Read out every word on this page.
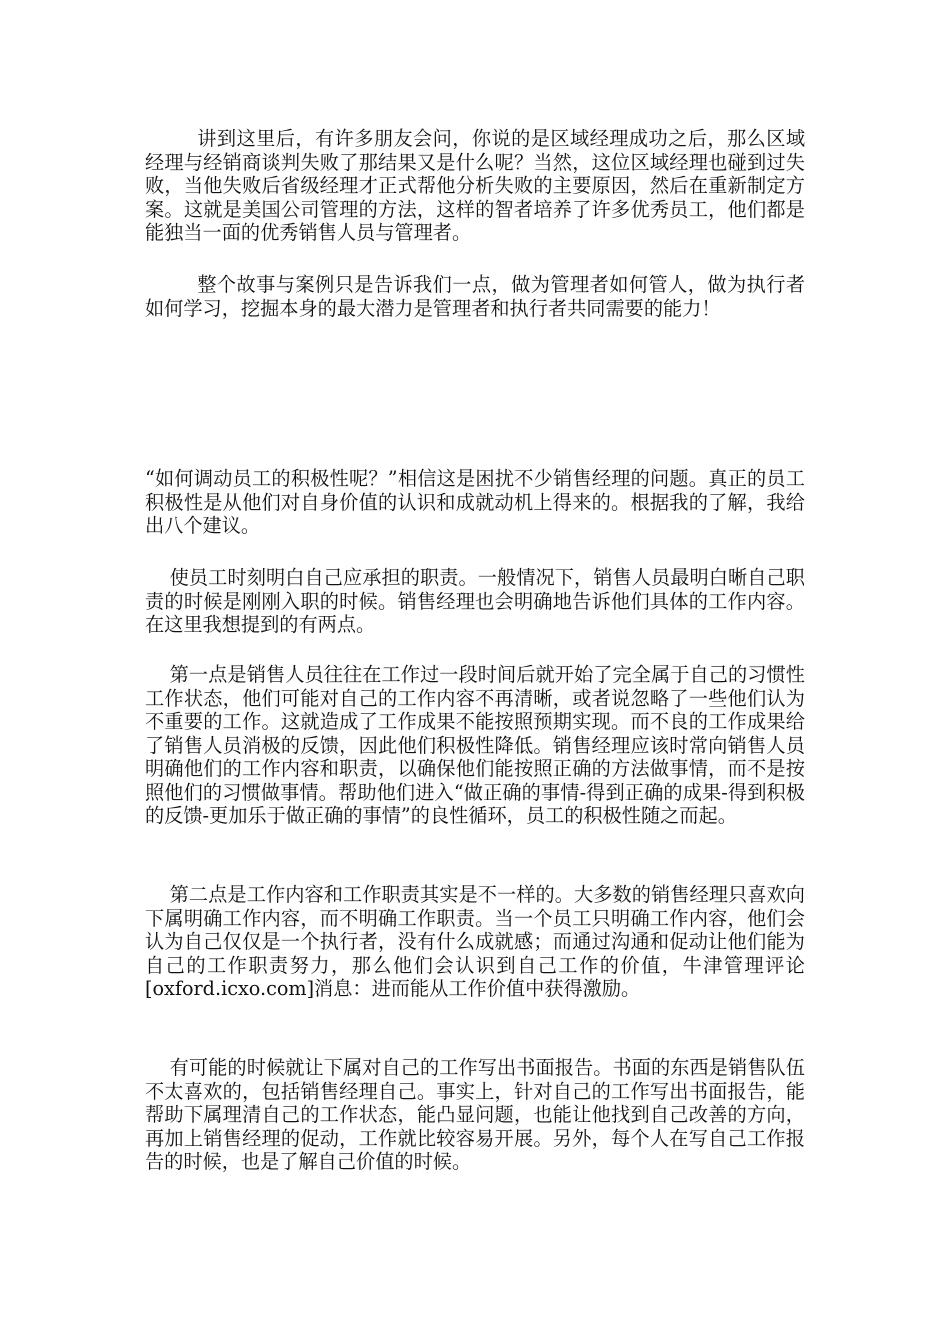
讲到这里后，有许多朋友会问，你说的是区域经理成功之后，那么区域经理与经销商谈判失败了那结果又是什么呢？当然，这位区域经理也碰到过失败，当他失败后省级经理才正式帮他分析失败的主要原因，然后在重新制定方案。这就是美国公司管理的方法，这样的智者培养了许多优秀员工，他们都是能独当一面的优秀销售人员与管理者。

整个故事与案例只是告诉我们一点，做为管理者如何管人，做为执行者如何学习，挖掘本身的最大潜力是管理者和执行者共同需要的能力！

“如何调动员工的积极性呢？”相信这是困扰不少销售经理的问题。真正的员工积极性是从他们对自身价值的认识和成就动机上得来的。根据我的了解，我给出八个建议。

使员工时刻明白自己应承担的职责。一般情况下，销售人员最明白晰自己职责的时候是刚刚入职的时候。销售经理也会明确地告诉他们具体的工作内容。在这里我想提到的有两点。

第一点是销售人员往往在工作过一段时间后就开始了完全属于自己的习惯性工作状态，他们可能对自己的工作内容不再清晰，或者说忽略了一些他们认为不重要的工作。这就造成了工作成果不能按照预期实现。而不良的工作成果给了销售人员消极的反馈，因此他们积极性降低。销售经理应该时常向销售人员明确他们的工作内容和职责，以确保他们能按照正确的方法做事情，而不是按照他们的习惯做事情。帮助他们进入“做正确的事情-得到正确的成果-得到积极的反馈-更加乐于做正确的事情”的良性循环，员工的积极性随之而起。

第二点是工作内容和工作职责其实是不一样的。大多数的销售经理只喜欢向下属明确工作内容，而不明确工作职责。当一个员工只明确工作内容，他们会认为自己仅仅是一个执行者，没有什么成就感；而通过沟通和促动让他们能为自己的工作职责努力，那么他们会认识到自己工作的价值，牛津管理评论[oxford.icxo.com]消息：进而能从工作价值中获得激励。

有可能的时候就让下属对自己的工作写出书面报告。书面的东西是销售队伍不太喜欢的，包括销售经理自己。事实上，针对自己的工作写出书面报告，能帮助下属理清自己的工作状态，能凸显问题，也能让他找到自己改善的方向，再加上销售经理的促动，工作就比较容易开展。另外，每个人在写自己工作报告的时候，也是了解自己价值的时候。
